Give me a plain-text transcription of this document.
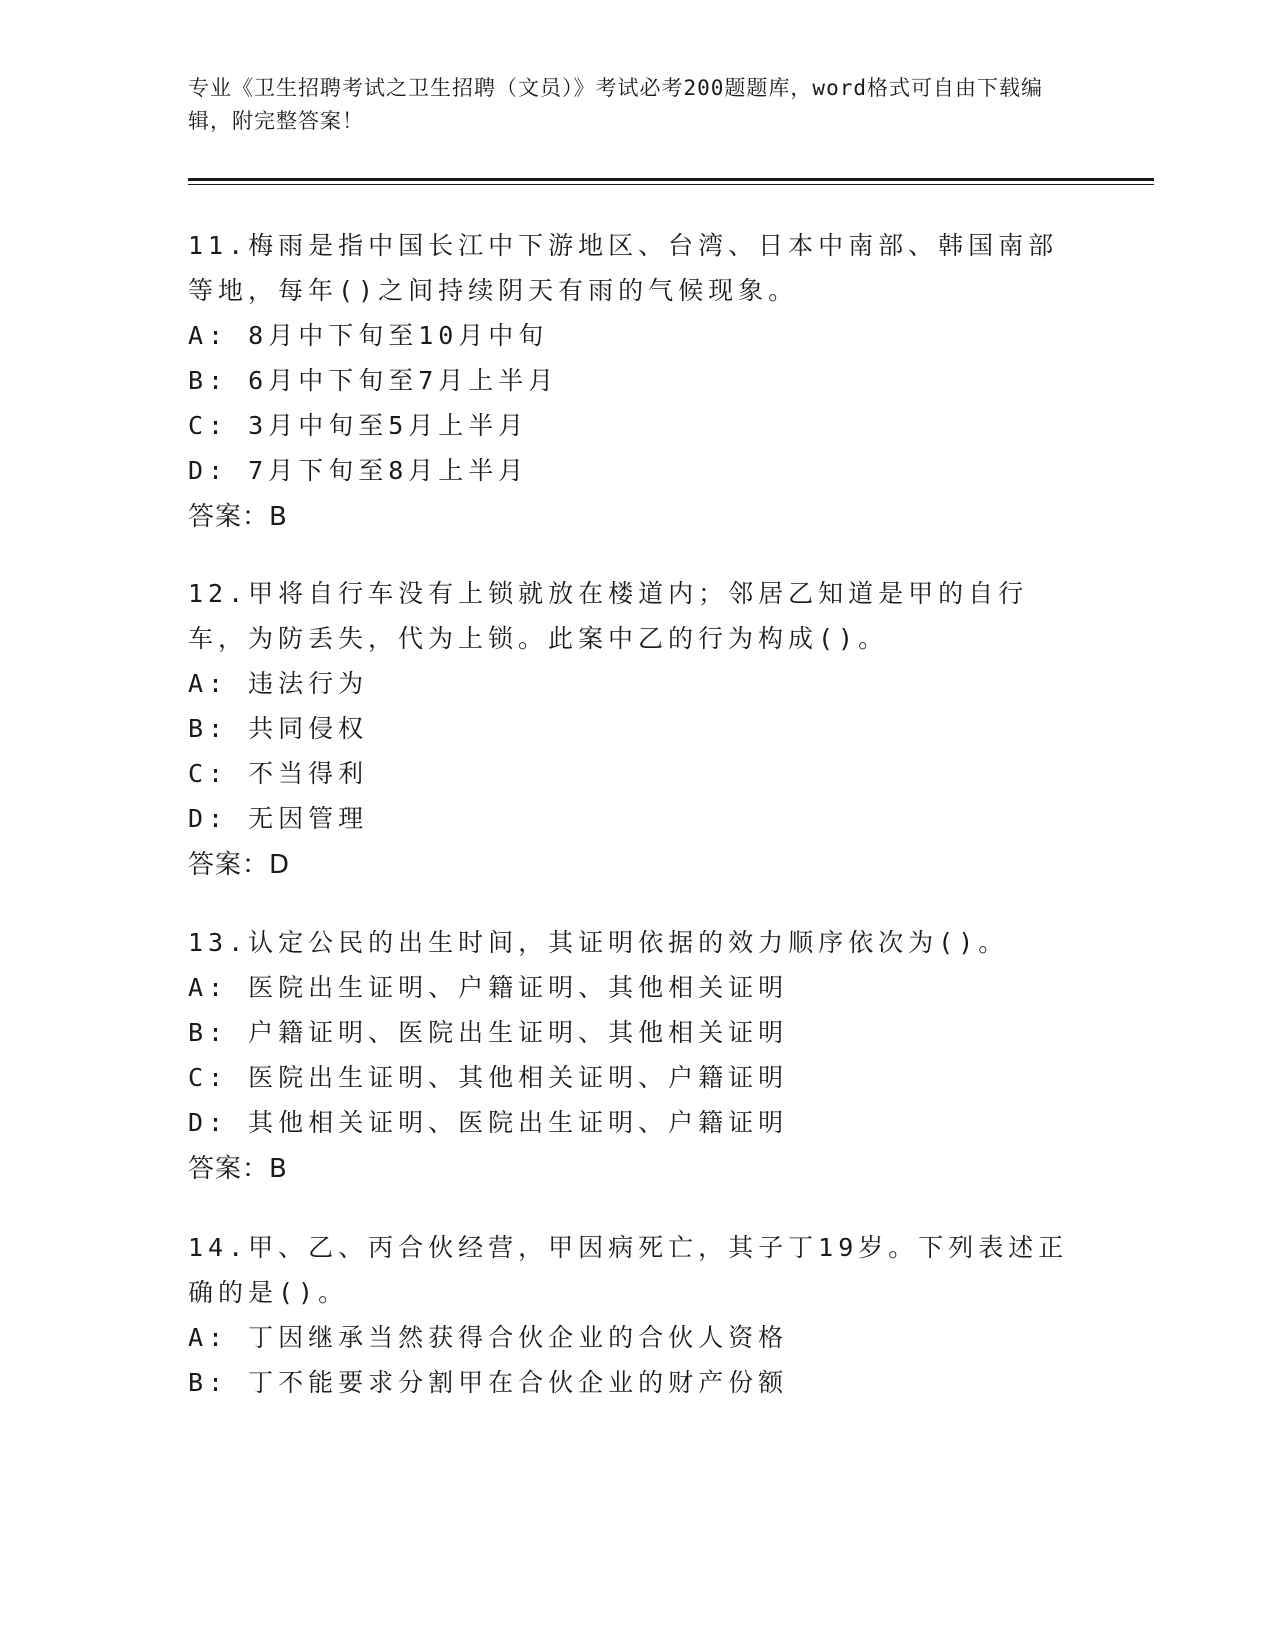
专业《卫生招聘考试之卫生招聘（文员）》考试必考200题题库，word格式可自由下载编辑，附完整答案！

11.梅雨是指中国长江中下游地区、台湾、日本中南部、韩国南部等地，每年()之间持续阴天有雨的气候现象。

A: 8月中下旬至10月中旬

B: 6月中下旬至7月上半月

C: 3月中旬至5月上半月

D: 7月下旬至8月上半月

答案：B

12.甲将自行车没有上锁就放在楼道内；邻居乙知道是甲的自行车，为防丢失，代为上锁。此案中乙的行为构成()。

A: 违法行为

B: 共同侵权

C: 不当得利

D: 无因管理

答案：D

13.认定公民的出生时间，其证明依据的效力顺序依次为()。

A: 医院出生证明、户籍证明、其他相关证明

B: 户籍证明、医院出生证明、其他相关证明

C: 医院出生证明、其他相关证明、户籍证明

D: 其他相关证明、医院出生证明、户籍证明

答案：B

14.甲、乙、丙合伙经营，甲因病死亡，其子丁19岁。下列表述正确的是()。

A: 丁因继承当然获得合伙企业的合伙人资格

B: 丁不能要求分割甲在合伙企业的财产份额
